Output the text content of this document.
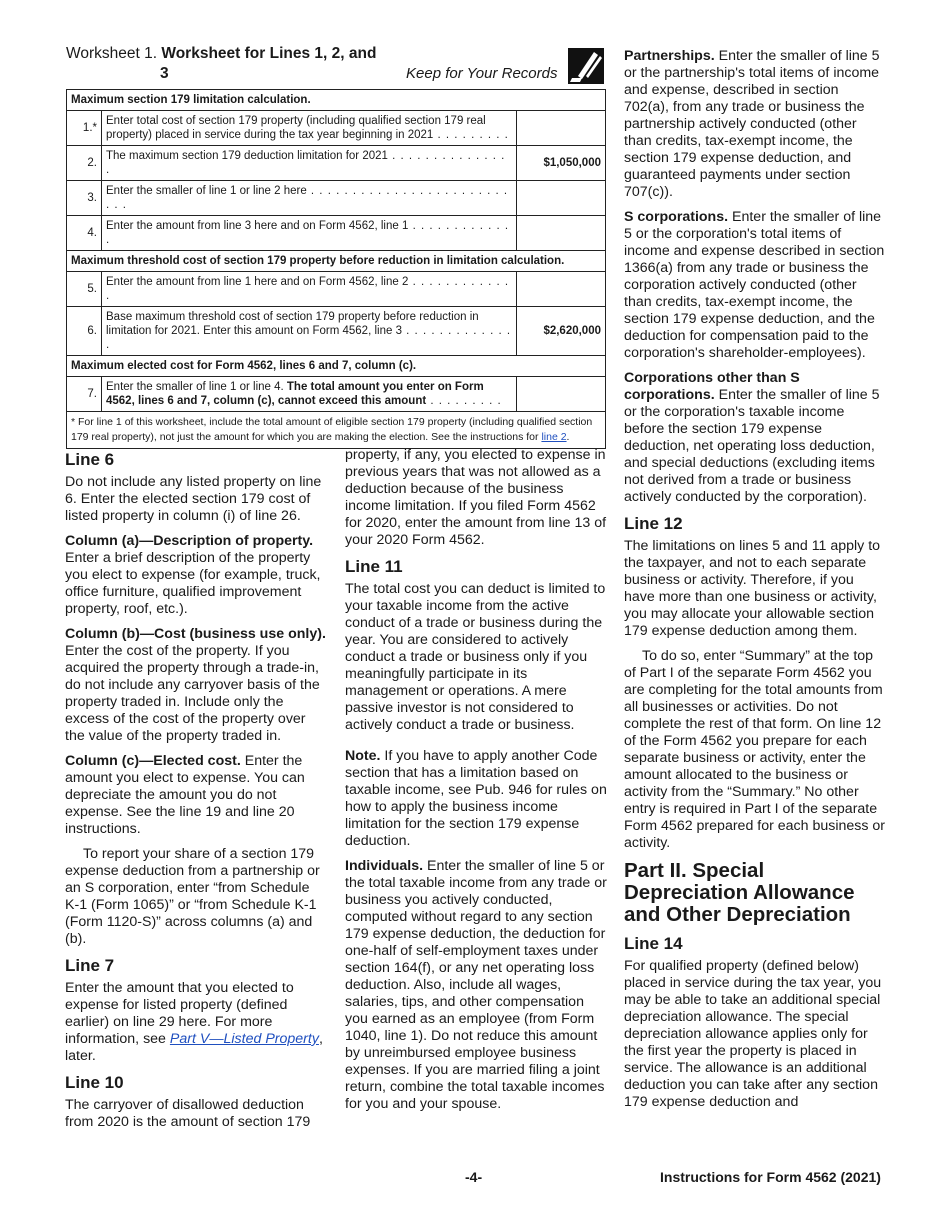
Worksheet 1. Worksheet for Lines 1, 2, and
3	Keep for Your Records
Maximum section 179 limitation calculation.		
1.*	Enter total cost of section 179 property (including qualified section 179 real property) placed in service during the tax year beginning in 2021 . . . . . . . . .	
2.	The maximum section 179 deduction limitation for 2021 . . . . . . . . . . . . . . .	$1,050,000
3.	Enter the smaller of line 1 or line 2 here . . . . . . . . . . . . . . . . . . . . . . . . . . .	
4.	Enter the amount from line 3 here and on Form 4562, line 1 . . . . . . . . . . . . .	
Maximum threshold cost of section 179 property before reduction in limitation calculation.		
5.	Enter the amount from line 1 here and on Form 4562, line 2 . . . . . . . . . . . . .	
6.	Base maximum threshold cost of section 179 property before reduction in limitation for 2021. Enter this amount on Form 4562, line 3 . . . . . . . . . . . . . .	$2,620,000
Maximum elected cost for Form 4562, lines 6 and 7, column (c).		
7.	Enter the smaller of line 1 or line 4. The total amount you enter on Form 4562, lines 6 and 7, column (c), cannot exceed this amount . . . . . . . . .	
* For line 1 of this worksheet, include the total amount of eligible section 179 property (including qualified section 179 real property), not just the amount for which you are making the election. See the instructions for line 2.		
Line 6

Do not include any listed property on line 6. Enter the elected section 179 cost of listed property in column (i) of line 26.

Column (a)—Description of property. Enter a brief description of the property you elect to expense (for example, truck, office furniture, qualified improvement property, roof, etc.).

Column (b)—Cost (business use only). Enter the cost of the property. If you acquired the property through a trade-in, do not include any carryover basis of the property traded in. Include only the excess of the cost of the property over the value of the property traded in.

Column (c)—Elected cost. Enter the amount you elect to expense. You can depreciate the amount you do not expense. See the line 19 and line 20 instructions.

To report your share of a section 179 expense deduction from a partnership or an S corporation, enter “from Schedule K-1 (Form 1065)” or “from Schedule K-1 (Form 1120-S)” across columns (a) and (b).

Line 7

Enter the amount that you elected to expense for listed property (defined earlier) on line 29 here. For more information, see Part V—Listed Property, later.

Line 10

The carryover of disallowed deduction from 2020 is the amount of section 179

property, if any, you elected to expense in previous years that was not allowed as a deduction because of the business income limitation. If you filed Form 4562 for 2020, enter the amount from line 13 of your 2020 Form 4562.

Line 11

The total cost you can deduct is limited to your taxable income from the active conduct of a trade or business during the year. You are considered to actively conduct a trade or business only if you meaningfully participate in its management or operations. A mere passive investor is not considered to actively conduct a trade or business.

Note. If you have to apply another Code section that has a limitation based on taxable income, see Pub. 946 for rules on how to apply the business income limitation for the section 179 expense deduction.

Individuals. Enter the smaller of line 5 or the total taxable income from any trade or business you actively conducted, computed without regard to any section 179 expense deduction, the deduction for one-half of self-employment taxes under section 164(f), or any net operating loss deduction. Also, include all wages, salaries, tips, and other compensation you earned as an employee (from Form 1040, line 1). Do not reduce this amount by unreimbursed employee business expenses. If you are married filing a joint return, combine the total taxable incomes for you and your spouse.

Partnerships. Enter the smaller of line 5 or the partnership's total items of income and expense, described in section 702(a), from any trade or business the partnership actively conducted (other than credits, tax-exempt income, the section 179 expense deduction, and guaranteed payments under section 707(c)).

S corporations. Enter the smaller of line 5 or the corporation's total items of income and expense described in section 1366(a) from any trade or business the corporation actively conducted (other than credits, tax-exempt income, the section 179 expense deduction, and the deduction for compensation paid to the corporation's shareholder-employees).

Corporations other than S corporations. Enter the smaller of line 5 or the corporation's taxable income before the section 179 expense deduction, net operating loss deduction, and special deductions (excluding items not derived from a trade or business actively conducted by the corporation).

Line 12

The limitations on lines 5 and 11 apply to the taxpayer, and not to each separate business or activity. Therefore, if you have more than one business or activity, you may allocate your allowable section 179 expense deduction among them.

To do so, enter “Summary” at the top of Part I of the separate Form 4562 you are completing for the total amounts from all businesses or activities. Do not complete the rest of that form. On line 12 of the Form 4562 you prepare for each separate business or activity, enter the amount allocated to the business or activity from the “Summary.” No other entry is required in Part I of the separate Form 4562 prepared for each business or activity.

Part II. Special Depreciation Allowance and Other Depreciation
Line 14

For qualified property (defined below) placed in service during the tax year, you may be able to take an additional special depreciation allowance. The special depreciation allowance applies only for the first year the property is placed in service. The allowance is an additional deduction you can take after any section 179 expense deduction and

-4-	Instructions for Form 4562 (2021)
